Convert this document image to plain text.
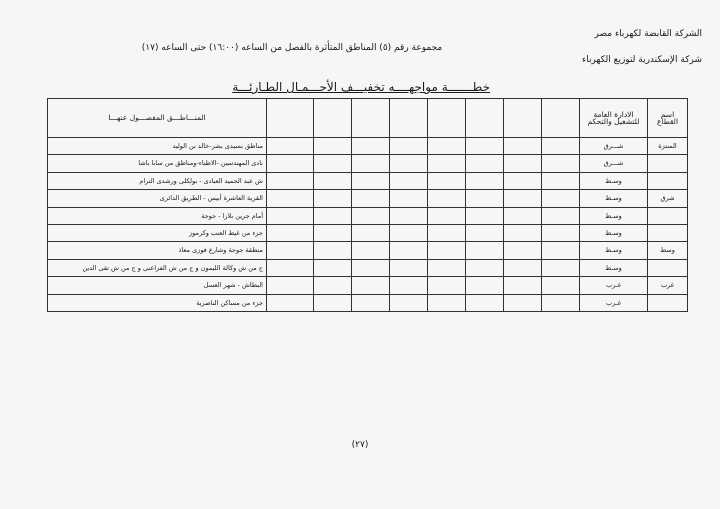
الشركة القابضة لكهرباء مصر
شركة الإسكندرية لتوزيع الكهرباء
مجموعة رقم (٥) المناطق المتأثرة بالفصل من الساعه (١٦:٠٠) حتى الساعه (١٧)
خطـــــــة مواجهــــه تخفيـــف الأحـــمـال الطـارئـــة
اسم القطاع	الادارة العامة للتشغيل والتحكم									المنـــاطـــق المفصـــول عنهـــا
المنتزة	شـــرق									مناطق بسيدى بشر-خالد بن الوليد
	شـــرق									نادى المهندسين -الاطباء-ومناطق من سابا باشا
	وسـط									ش عبد الحميد العبادى - بولكلى ورشدى الترام
شرق	وسـط									القرية العاشرة أبيس - الطريق الدائرى
	وسـط									أمام جرين بلازا - جوجة
	وسـط									جزء من غيط العنب وكرموز
وسط	وسـط									منطقة جوجة وشارع فوزى معاذ
	وسـط									ج من ش وكالة الليمون و ج من ش الفراعنى و ج من ش تقى الدين
غرب	غـرب									البطاش - شهر العسل
	غـرب									جزء من مساكن الناصرية
(٢٧)
